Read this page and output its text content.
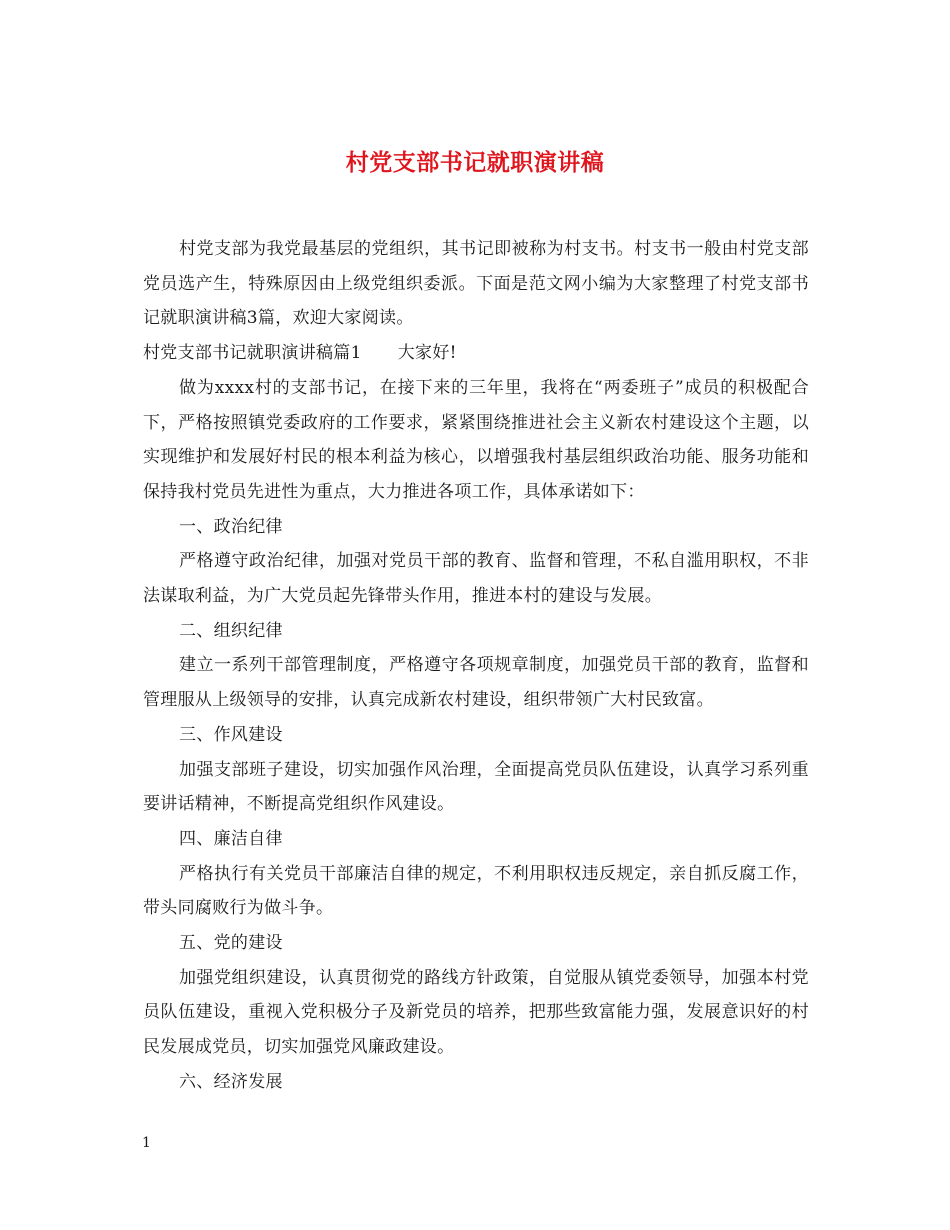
村党支部书记就职演讲稿

村党支部为我党最基层的党组织，其书记即被称为村支书。村支书一般由村党支部党员选产生，特殊原因由上级党组织委派。下面是范文网小编为大家整理了村党支部书记就职演讲稿3篇，欢迎大家阅读。

村党支部书记就职演讲稿篇1 大家好!

做为xxxx村的支部书记，在接下来的三年里，我将在“两委班子”成员的积极配合下，严格按照镇党委政府的工作要求，紧紧围绕推进社会主义新农村建设这个主题，以实现维护和发展好村民的根本利益为核心，以增强我村基层组织政治功能、服务功能和保持我村党员先进性为重点，大力推进各项工作，具体承诺如下：

一、政治纪律

严格遵守政治纪律，加强对党员干部的教育、监督和管理，不私自滥用职权，不非法谋取利益，为广大党员起先锋带头作用，推进本村的建设与发展。

二、组织纪律

建立一系列干部管理制度，严格遵守各项规章制度，加强党员干部的教育，监督和管理服从上级领导的安排，认真完成新农村建设，组织带领广大村民致富。

三、作风建设

加强支部班子建设，切实加强作风治理，全面提高党员队伍建设，认真学习系列重要讲话精神，不断提高党组织作风建设。

四、廉洁自律

严格执行有关党员干部廉洁自律的规定，不利用职权违反规定，亲自抓反腐工作，带头同腐败行为做斗争。

五、党的建设

加强党组织建设，认真贯彻党的路线方针政策，自觉服从镇党委领导，加强本村党员队伍建设，重视入党积极分子及新党员的培养，把那些致富能力强，发展意识好的村民发展成党员，切实加强党风廉政建设。

六、经济发展

1
